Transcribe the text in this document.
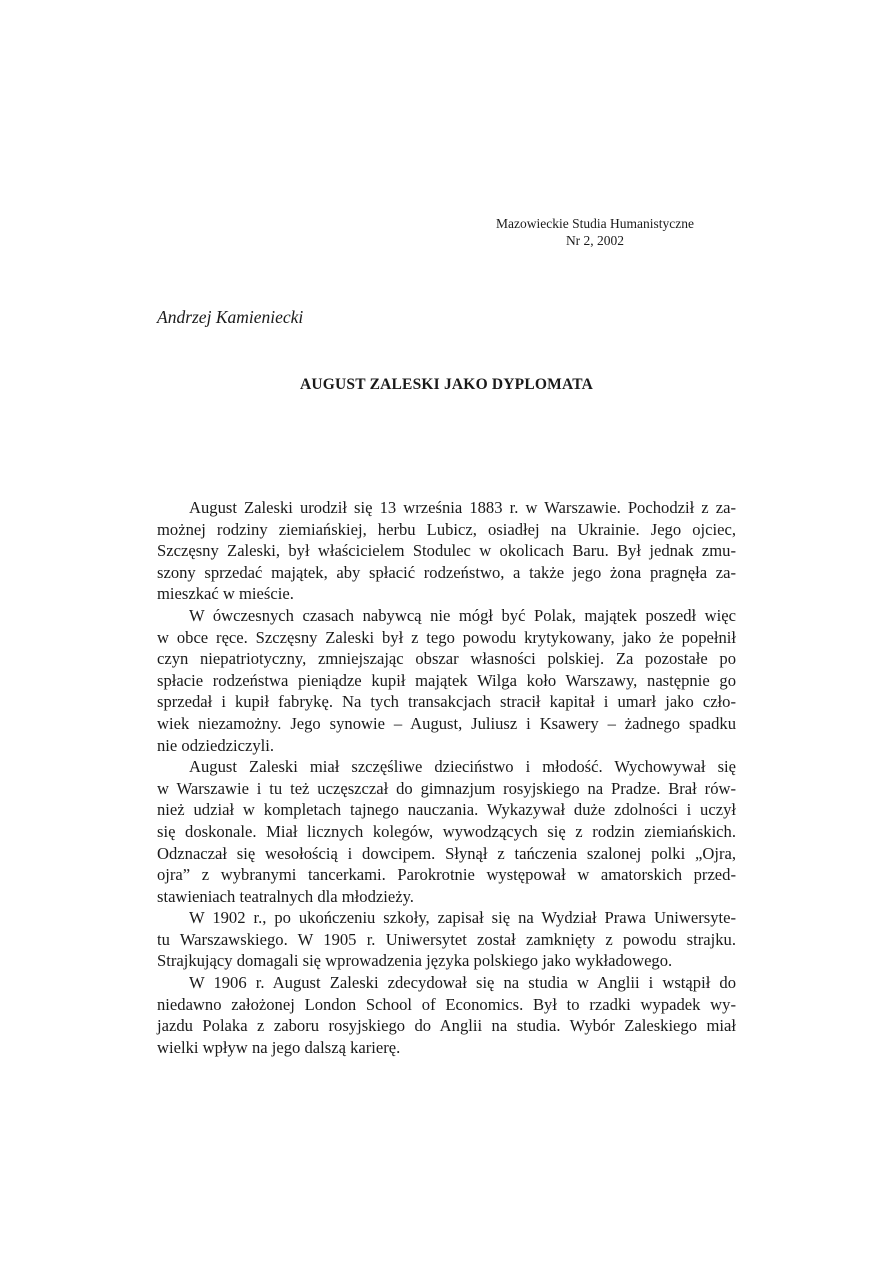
Mazowieckie Studia Humanistyczne
Nr 2, 2002
Andrzej Kamieniecki
AUGUST ZALESKI JAKO DYPLOMATA
August Zaleski urodził się 13 września 1883 r. w Warszawie. Pochodził z za-
możnej rodziny ziemiańskiej, herbu Lubicz, osiadłej na Ukrainie. Jego ojciec,
Szczęsny Zaleski, był właścicielem Stodulec w okolicach Baru. Był jednak zmu-
szony sprzedać majątek, aby spłacić rodzeństwo, a także jego żona pragnęła za-
mieszkać w mieście.
W ówczesnych czasach nabywcą nie mógł być Polak, majątek poszedł więc
w obce ręce. Szczęsny Zaleski był z tego powodu krytykowany, jako że popełnił
czyn niepatriotyczny, zmniejszając obszar własności polskiej. Za pozostałe po
spłacie rodzeństwa pieniądze kupił majątek Wilga koło Warszawy, następnie go
sprzedał i kupił fabrykę. Na tych transakcjach stracił kapitał i umarł jako czło-
wiek niezamożny. Jego synowie – August, Juliusz i Ksawery – żadnego spadku
nie odziedziczyli.
August Zaleski miał szczęśliwe dzieciństwo i młodość. Wychowywał się
w Warszawie i tu też uczęszczał do gimnazjum rosyjskiego na Pradze. Brał rów-
nież udział w kompletach tajnego nauczania. Wykazywał duże zdolności i uczył
się doskonale. Miał licznych kolegów, wywodzących się z rodzin ziemiańskich.
Odznaczał się wesołością i dowcipem. Słynął z tańczenia szalonej polki „Ojra,
ojra” z wybranymi tancerkami. Parokrotnie występował w amatorskich przed-
stawieniach teatralnych dla młodzieży.
W 1902 r., po ukończeniu szkoły, zapisał się na Wydział Prawa Uniwersyte-
tu Warszawskiego. W 1905 r. Uniwersytet został zamknięty z powodu strajku.
Strajkujący domagali się wprowadzenia języka polskiego jako wykładowego.
W 1906 r. August Zaleski zdecydował się na studia w Anglii i wstąpił do
niedawno założonej London School of Economics. Był to rzadki wypadek wy-
jazdu Polaka z zaboru rosyjskiego do Anglii na studia. Wybór Zaleskiego miał
wielki wpływ na jego dalszą karierę.
